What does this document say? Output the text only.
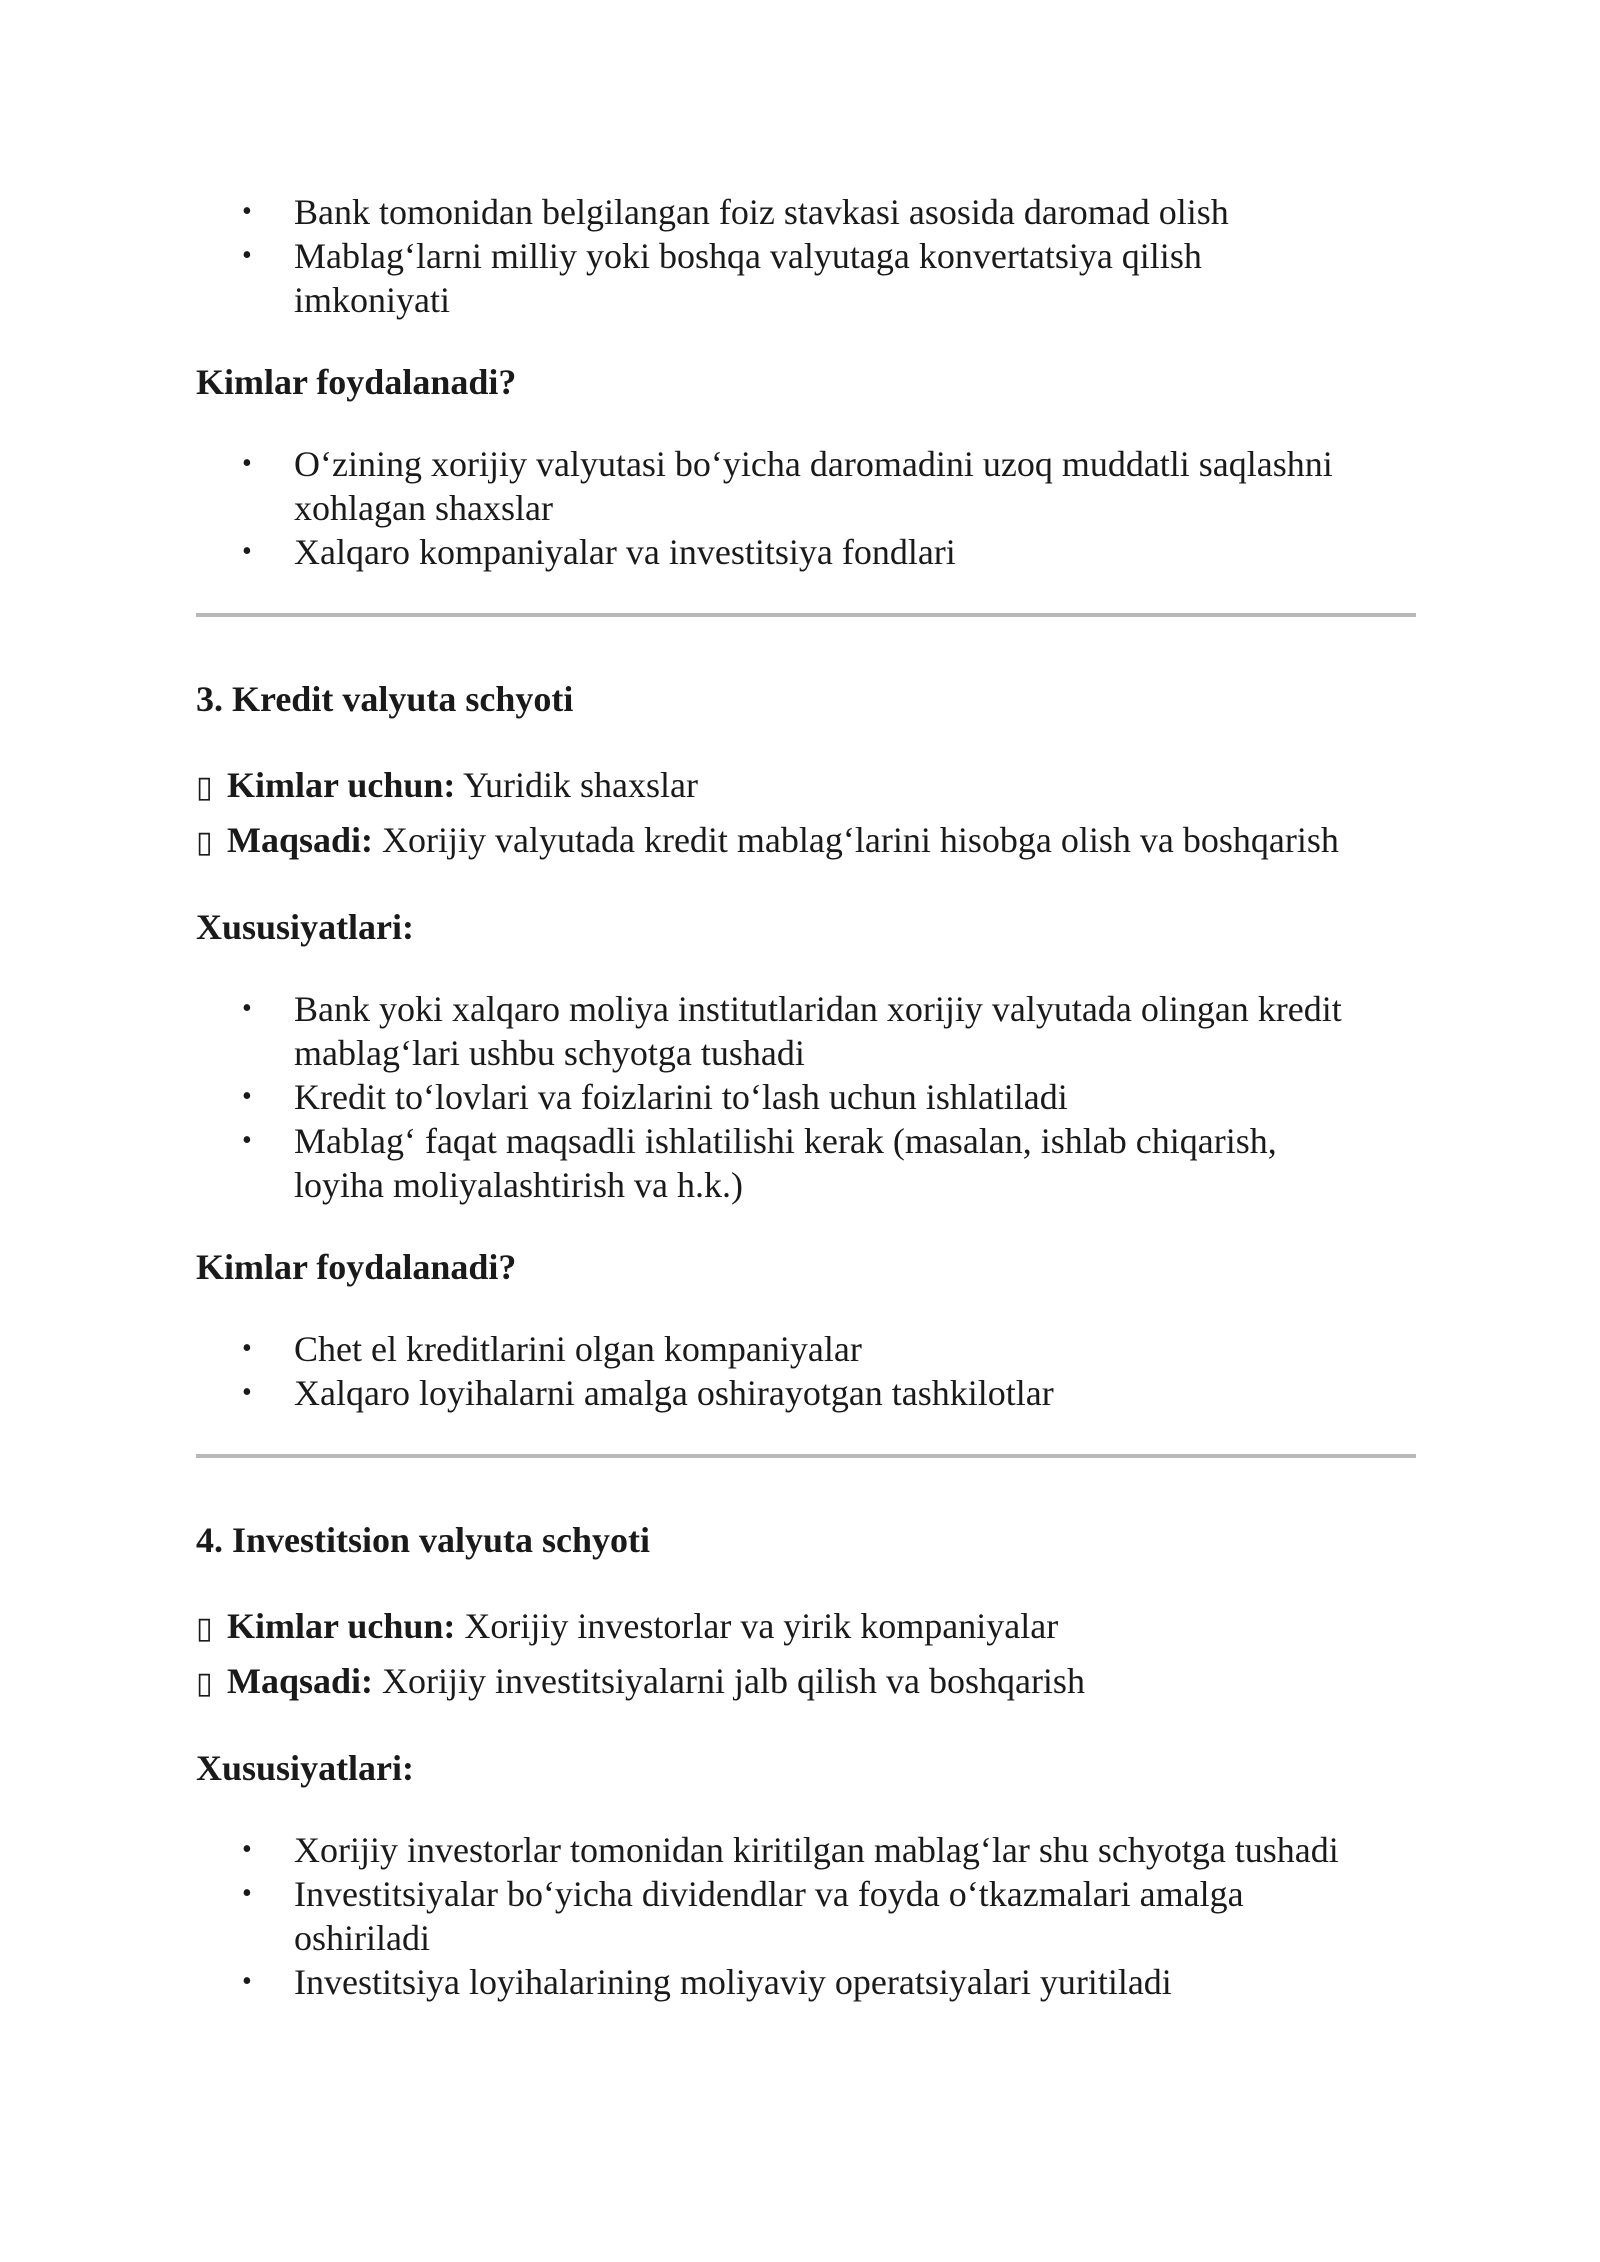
• Bank tomonidan belgilangan foiz stavkasi asosida daromad olish
• Mablag‘larni milliy yoki boshqa valyutaga konvertatsiya qilish imkoniyati

Kimlar foydalanadi?

• O‘zining xorijiy valyutasi bo‘yicha daromadini uzoq muddatli saqlashni xohlagan shaxslar
• Xalqaro kompaniyalar va investitsiya fondlari

3. Kredit valyuta schyoti

▯ Kimlar uchun: Yuridik shaxslar

▯ Maqsadi: Xorijiy valyutada kredit mablag‘larini hisobga olish va boshqarish

Xususiyatlari:

• Bank yoki xalqaro moliya institutlaridan xorijiy valyutada olingan kredit mablag‘lari ushbu schyotga tushadi
• Kredit to‘lovlari va foizlarini to‘lash uchun ishlatiladi
• Mablag‘ faqat maqsadli ishlatilishi kerak (masalan, ishlab chiqarish, loyiha moliyalashtirish va h.k.)

Kimlar foydalanadi?

• Chet el kreditlarini olgan kompaniyalar
• Xalqaro loyihalarni amalga oshirayotgan tashkilotlar

4. Investitsion valyuta schyoti

▯ Kimlar uchun: Xorijiy investorlar va yirik kompaniyalar

▯ Maqsadi: Xorijiy investitsiyalarni jalb qilish va boshqarish

Xususiyatlari:

• Xorijiy investorlar tomonidan kiritilgan mablag‘lar shu schyotga tushadi
• Investitsiyalar bo‘yicha dividendlar va foyda o‘tkazmalari amalga oshiriladi
• Investitsiya loyihalarining moliyaviy operatsiyalari yuritiladi
